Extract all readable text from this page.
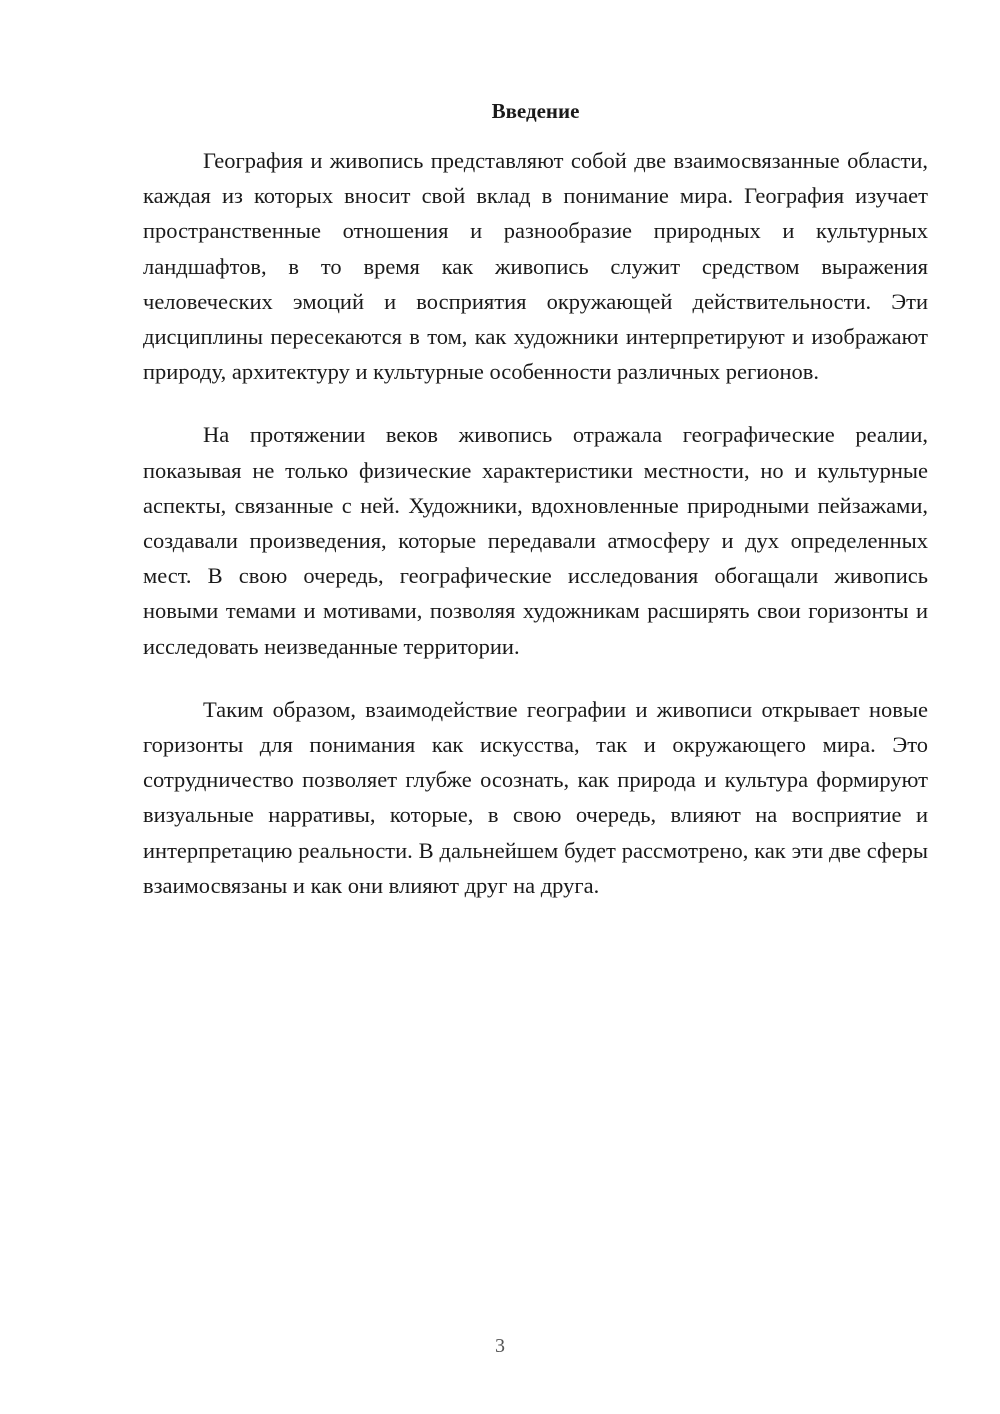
Введение

География и живопись представляют собой две взаимосвязанные области, каждая из которых вносит свой вклад в понимание мира. География изучает пространственные отношения и разнообразие природных и культурных ландшафтов, в то время как живопись служит средством выражения человеческих эмоций и восприятия окружающей действительности. Эти дисциплины пересекаются в том, как художники интерпретируют и изображают природу, архитектуру и культурные особенности различных регионов.

На протяжении веков живопись отражала географические реалии, показывая не только физические характеристики местности, но и культурные аспекты, связанные с ней. Художники, вдохновленные природными пейзажами, создавали произведения, которые передавали атмосферу и дух определенных мест. В свою очередь, географические исследования обогащали живопись новыми темами и мотивами, позволяя художникам расширять свои горизонты и исследовать неизведанные территории.

Таким образом, взаимодействие географии и живописи открывает новые горизонты для понимания как искусства, так и окружающего мира. Это сотрудничество позволяет глубже осознать, как природа и культура формируют визуальные нарративы, которые, в свою очередь, влияют на восприятие и интерпретацию реальности. В дальнейшем будет рассмотрено, как эти две сферы взаимосвязаны и как они влияют друг на друга.

3
